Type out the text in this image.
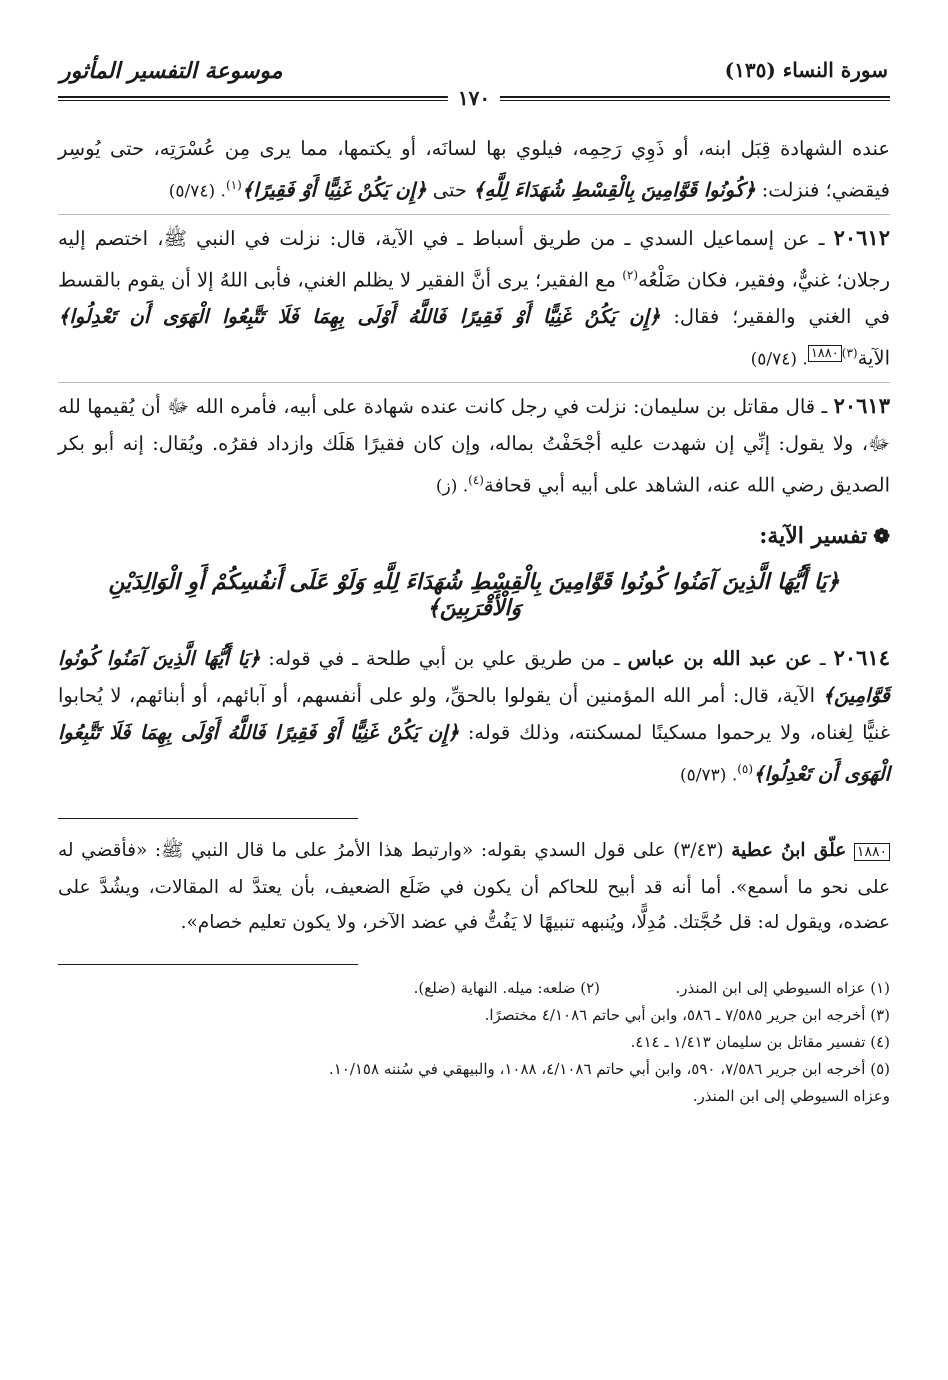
سورة النساء (١٣٥)
موسوعة التفسير المأثور
١٧٠

عنده الشهادة قِبَل ابنه، أو ذَوِي رَحِمِه، فيلوي بها لسانَه، أو يكتمها، مما يرى مِن عُسْرَتِه، حتى يُوسِر فيقضي؛ فنزلت: ﴿كُونُوا قَوَّامِينَ بِالْقِسْطِ شُهَدَاءَ لِلَّهِ﴾ حتى ﴿إِن يَكُنْ غَنِيًّا أَوْ فَقِيرًا﴾$^{(١)}$. (٥/٧٤)

٢٠٦١٢ ـ عن إسماعيل السدي ـ من طريق أسباط ـ في الآية، قال: نزلت في النبي ﷺ، اختصم إليه رجلان؛ غنيٌّ، وفقير، فكان ضَلْعُه$^{(٢)}$ مع الفقير؛ يرى أنَّ الفقير لا يظلم الغني، فأبى اللهُ إلا أن يقوم بالقسط في الغني والفقير؛ فقال: ﴿إِن يَكُنْ غَنِيًّا أَوْ فَقِيرًا فَاللَّهُ أَوْلَى بِهِمَا فَلَا تَتَّبِعُوا الْهَوَى أَن تَعْدِلُوا﴾ الآية$^{(٣)١٨٨٠}$. (٥/٧٤)

٢٠٦١٣ ـ قال مقاتل بن سليمان: نزلت في رجل كانت عنده شهادة على أبيه، فأمره الله ﷻ أن يُقيمها لله ﷻ، ولا يقول: إنِّي إن شهدت عليه أجْحَفْتُ بماله، وإن كان فقيرًا هَلَك وازداد فقرُه. ويُقال: إنه أبو بكر الصديق رضي الله عنه، الشاهد على أبيه أبي قحافة$^{(٤)}$. (ز)

❁تفسير الآية:
﴿يَا أَيُّهَا الَّذِينَ آمَنُوا كُونُوا قَوَّامِينَ بِالْقِسْطِ شُهَدَاءَ لِلَّهِ وَلَوْ عَلَى أَنفُسِكُمْ أَوِ الْوَالِدَيْنِ وَالْأَقْرَبِينَ﴾

٢٠٦١٤ ـ عن عبد الله بن عباس ـ من طريق علي بن أبي طلحة ـ في قوله: ﴿يَا أَيُّهَا الَّذِينَ آمَنُوا كُونُوا قَوَّامِينَ﴾ الآية، قال: أمر الله المؤمنين أن يقولوا بالحقِّ، ولو على أنفسهم، أو آبائهم، أو أبنائهم، لا يُحابوا غنيًّا لِغناه، ولا يرحموا مسكينًا لمسكنته، وذلك قوله: ﴿إِن يَكُنْ غَنِيًّا أَوْ فَقِيرًا فَاللَّهُ أَوْلَى بِهِمَا فَلَا تَتَّبِعُوا الْهَوَى أَن تَعْدِلُوا﴾$^{(٥)}$. (٥/٧٣)

١٨٨٠ علّق ابنُ عطية (٣/٤٣) على قول السدي بقوله: «وارتبط هذا الأمرُ على ما قال النبي ﷺ: «فأقضي له على نحو ما أسمع». أما أنه قد أبيح للحاكم أن يكون في ضَلَع الضعيف، بأن يعتدَّ له المقالات، ويشُدَّ على عضده، ويقول له: قل حُجَّتك. مُدِلًّا، ويُنبهه تنبيهًا لا يَفُتُّ في عضد الآخر، ولا يكون تعليم خصام».

(١) عزاه السيوطي إلى ابن المنذر.
(٢) ضلعه: ميله. النهاية (ضلع).
(٣) أخرجه ابن جرير ٧/٥٨٥ ـ ٥٨٦، وابن أبي حاتم ٤/١٠٨٦ مختصرًا.
(٤) تفسير مقاتل بن سليمان ١/٤١٣ ـ ٤١٤.
(٥) أخرجه ابن جرير ٧/٥٨٦، ٥٩٠، وابن أبي حاتم ٤/١٠٨٦، ١٠٨٨، والبيهقي في سُننه ١٠/١٥٨.
وعزاه السيوطي إلى ابن المنذر.
